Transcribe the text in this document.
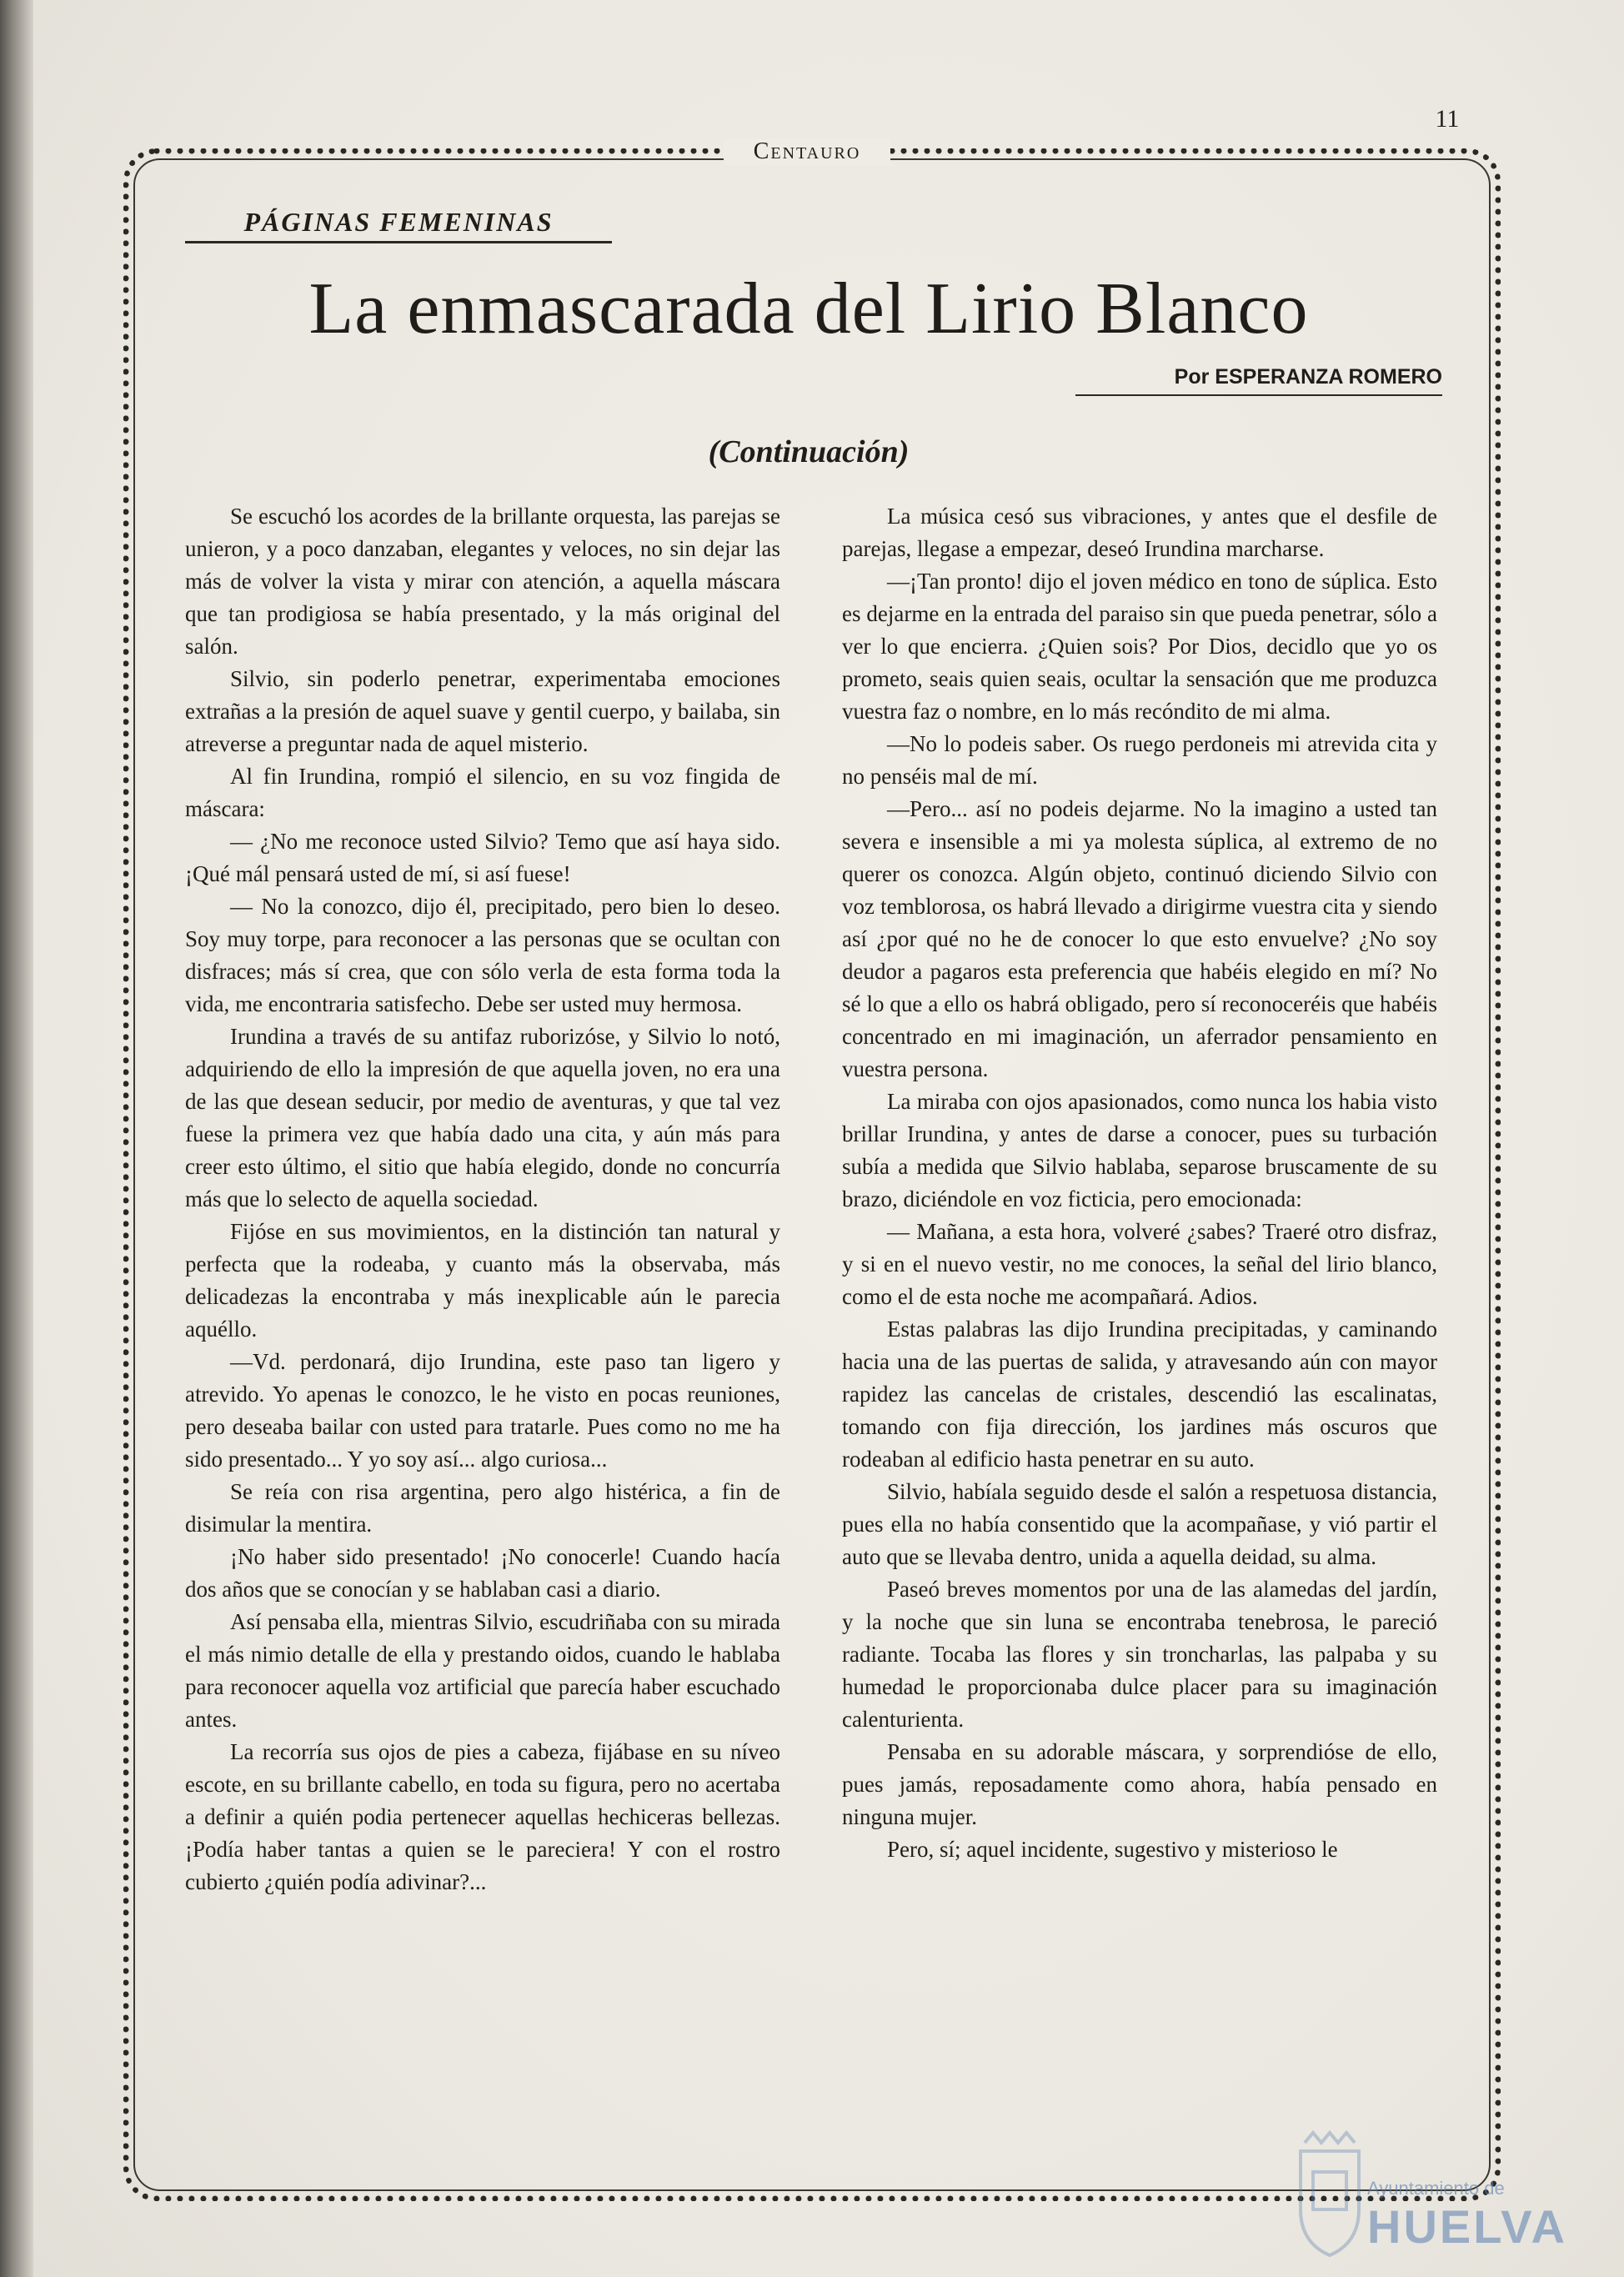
11
Centauro
PÁGINAS FEMENINAS
La enmascarada del Lirio Blanco
Por ESPERANZA ROMERO
(Continuación)

Se escuchó los acordes de la brillante orquesta, las parejas se unieron, y a poco danzaban, elegantes y veloces, no sin dejar las más de volver la vista y mirar con atención, a aquella máscara que tan prodigiosa se había presentado, y la más original del salón.

Silvio, sin poderlo penetrar, experimentaba emociones extrañas a la presión de aquel suave y gentil cuerpo, y bailaba, sin atreverse a preguntar nada de aquel misterio.

Al fin Irundina, rompió el silencio, en su voz fingida de máscara:

— ¿No me reconoce usted Silvio? Temo que así haya sido. ¡Qué mál pensará usted de mí, si así fuese!

— No la conozco, dijo él, precipitado, pero bien lo deseo. Soy muy torpe, para reconocer a las personas que se ocultan con disfraces; más sí crea, que con sólo verla de esta forma toda la vida, me encontraria satisfecho. Debe ser usted muy hermosa.

Irundina a través de su antifaz ruborizóse, y Silvio lo notó, adquiriendo de ello la impresión de que aquella joven, no era una de las que desean seducir, por medio de aventuras, y que tal vez fuese la primera vez que había dado una cita, y aún más para creer esto último, el sitio que había elegido, donde no concurría más que lo selecto de aquella sociedad.

Fijóse en sus movimientos, en la distinción tan natural y perfecta que la rodeaba, y cuanto más la observaba, más delicadezas la encontraba y más inexplicable aún le parecia aquéllo.

—Vd. perdonará, dijo Irundina, este paso tan ligero y atrevido. Yo apenas le conozco, le he visto en pocas reuniones, pero deseaba bailar con usted para tratarle. Pues como no me ha sido presentado... Y yo soy así... algo curiosa...

Se reía con risa argentina, pero algo histérica, a fin de disimular la mentira.

¡No haber sido presentado! ¡No conocerle! Cuando hacía dos años que se conocían y se hablaban casi a diario.

Así pensaba ella, mientras Silvio, escudriñaba con su mirada el más nimio detalle de ella y prestando oidos, cuando le hablaba para reconocer aquella voz artificial que parecía haber escuchado antes.

La recorría sus ojos de pies a cabeza, fijábase en su níveo escote, en su brillante cabello, en toda su figura, pero no acertaba a definir a quién podia pertenecer aquellas hechiceras bellezas. ¡Podía haber tantas a quien se le pareciera! Y con el rostro cubierto ¿quién podía adivinar?...

La música cesó sus vibraciones, y antes que el desfile de parejas, llegase a empezar, deseó Irundina marcharse.

—¡Tan pronto! dijo el joven médico en tono de súplica. Esto es dejarme en la entrada del paraiso sin que pueda penetrar, sólo a ver lo que encierra. ¿Quien sois? Por Dios, decidlo que yo os prometo, seais quien seais, ocultar la sensación que me produzca vuestra faz o nombre, en lo más recóndito de mi alma.

—No lo podeis saber. Os ruego perdoneis mi atrevida cita y no penséis mal de mí.

—Pero... así no podeis dejarme. No la imagino a usted tan severa e insensible a mi ya molesta súplica, al extremo de no querer os conozca. Algún objeto, continuó diciendo Silvio con voz temblorosa, os habrá llevado a dirigirme vuestra cita y siendo así ¿por qué no he de conocer lo que esto envuelve? ¿No soy deudor a pagaros esta preferencia que habéis elegido en mí? No sé lo que a ello os habrá obligado, pero sí reconoceréis que habéis concentrado en mi imaginación, un aferrador pensamiento en vuestra persona.

La miraba con ojos apasionados, como nunca los habia visto brillar Irundina, y antes de darse a conocer, pues su turbación subía a medida que Silvio hablaba, separose bruscamente de su brazo, diciéndole en voz ficticia, pero emocionada:

— Mañana, a esta hora, volveré ¿sabes? Traeré otro disfraz, y si en el nuevo vestir, no me conoces, la señal del lirio blanco, como el de esta noche me acompañará. Adios.

Estas palabras las dijo Irundina precipitadas, y caminando hacia una de las puertas de salida, y atravesando aún con mayor rapidez las cancelas de cristales, descendió las escalinatas, tomando con fija dirección, los jardines más oscuros que rodeaban al edificio hasta penetrar en su auto.

Silvio, habíala seguido desde el salón a respetuosa distancia, pues ella no había consentido que la acompañase, y vió partir el auto que se llevaba dentro, unida a aquella deidad, su alma.

Paseó breves momentos por una de las alamedas del jardín, y la noche que sin luna se encontraba tenebrosa, le pareció radiante. Tocaba las flores y sin troncharlas, las palpaba y su humedad le proporcionaba dulce placer para su imaginación calenturienta.

Pensaba en su adorable máscara, y sorprendióse de ello, pues jamás, reposadamente como ahora, había pensado en ninguna mujer.

Pero, sí; aquel incidente, sugestivo y misterioso le

Ayuntamiento de
HUELVA
